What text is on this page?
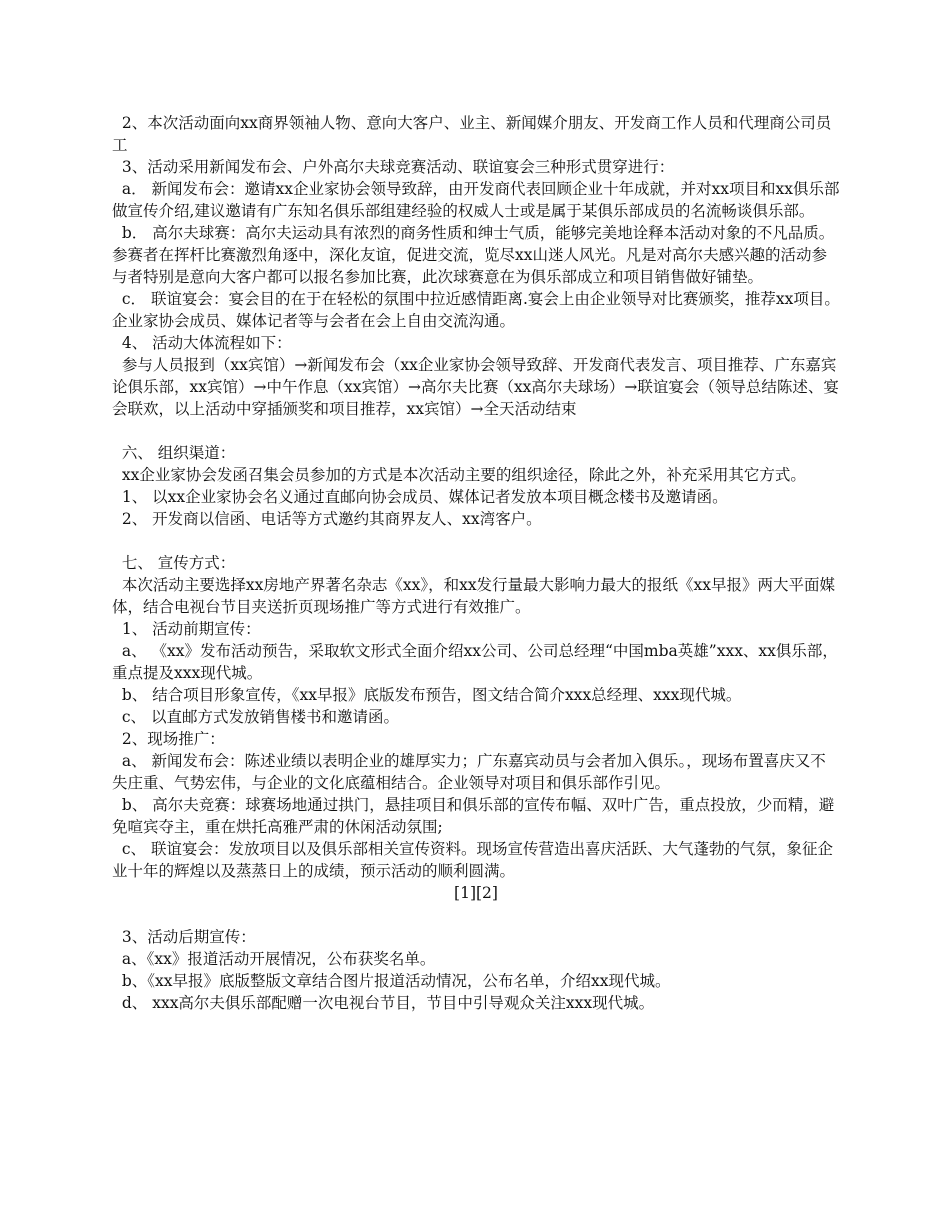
2、本次活动面向xx商界领袖人物、意向大客户、业主、新闻媒介朋友、开发商工作人员和代理商公司员工

3、活动采用新闻发布会、户外高尔夫球竞赛活动、联谊宴会三种形式贯穿进行：

a． 新闻发布会：邀请xx企业家协会领导致辞，由开发商代表回顾企业十年成就，并对xx项目和xx俱乐部做宣传介绍,建议邀请有广东知名俱乐部组建经验的权威人士或是属于某俱乐部成员的名流畅谈俱乐部。

b． 高尔夫球赛：高尔夫运动具有浓烈的商务性质和绅士气质，能够完美地诠释本活动对象的不凡品质。参赛者在挥杆比赛激烈角逐中，深化友谊，促进交流，览尽xx山迷人风光。凡是对高尔夫感兴趣的活动参与者特别是意向大客户都可以报名参加比赛，此次球赛意在为俱乐部成立和项目销售做好铺垫。

c． 联谊宴会：宴会目的在于在轻松的氛围中拉近感情距离.宴会上由企业领导对比赛颁奖，推荐xx项目。企业家协会成员、媒体记者等与会者在会上自由交流沟通。

4、 活动大体流程如下：

参与人员报到（xx宾馆）→新闻发布会（xx企业家协会领导致辞、开发商代表发言、项目推荐、广东嘉宾论俱乐部，xx宾馆）→中午作息（xx宾馆）→高尔夫比赛（xx高尔夫球场）→联谊宴会（领导总结陈述、宴会联欢，以上活动中穿插颁奖和项目推荐，xx宾馆）→全天活动结束

六、 组织渠道：

xx企业家协会发函召集会员参加的方式是本次活动主要的组织途径，除此之外，补充采用其它方式。

1、 以xx企业家协会名义通过直邮向协会成员、媒体记者发放本项目概念楼书及邀请函。

2、 开发商以信函、电话等方式邀约其商界友人、xx湾客户。

七、 宣传方式：

本次活动主要选择xx房地产界著名杂志《xx》，和xx发行量最大影响力最大的报纸《xx早报》两大平面媒体，结合电视台节目夹送折页现场推广等方式进行有效推广。

1、 活动前期宣传：

a、 《xx》发布活动预告，采取软文形式全面介绍xx公司、公司总经理“中国mba英雄”xxx、xx俱乐部，重点提及xxx现代城。

b、 结合项目形象宣传，《xx早报》底版发布预告，图文结合简介xxx总经理、xxx现代城。

c、 以直邮方式发放销售楼书和邀请函。

2、现场推广：

a、 新闻发布会：陈述业绩以表明企业的雄厚实力；广东嘉宾动员与会者加入俱乐。，现场布置喜庆又不失庄重、气势宏伟，与企业的文化底蕴相结合。企业领导对项目和俱乐部作引见。

b、 高尔夫竞赛：球赛场地通过拱门，悬挂项目和俱乐部的宣传布幅、双叶广告，重点投放，少而精，避免喧宾夺主，重在烘托高雅严肃的休闲活动氛围;

c、 联谊宴会：发放项目以及俱乐部相关宣传资料。现场宣传营造出喜庆活跃、大气蓬勃的气氛，象征企业十年的辉煌以及蒸蒸日上的成绩，预示活动的顺利圆满。

[1][2]

3、活动后期宣传：

a、《xx》报道活动开展情况，公布获奖名单。

b、《xx早报》底版整版文章结合图片报道活动情况，公布名单，介绍xx现代城。

d、 xxx高尔夫俱乐部配赠一次电视台节目，节目中引导观众关注xxx现代城。
